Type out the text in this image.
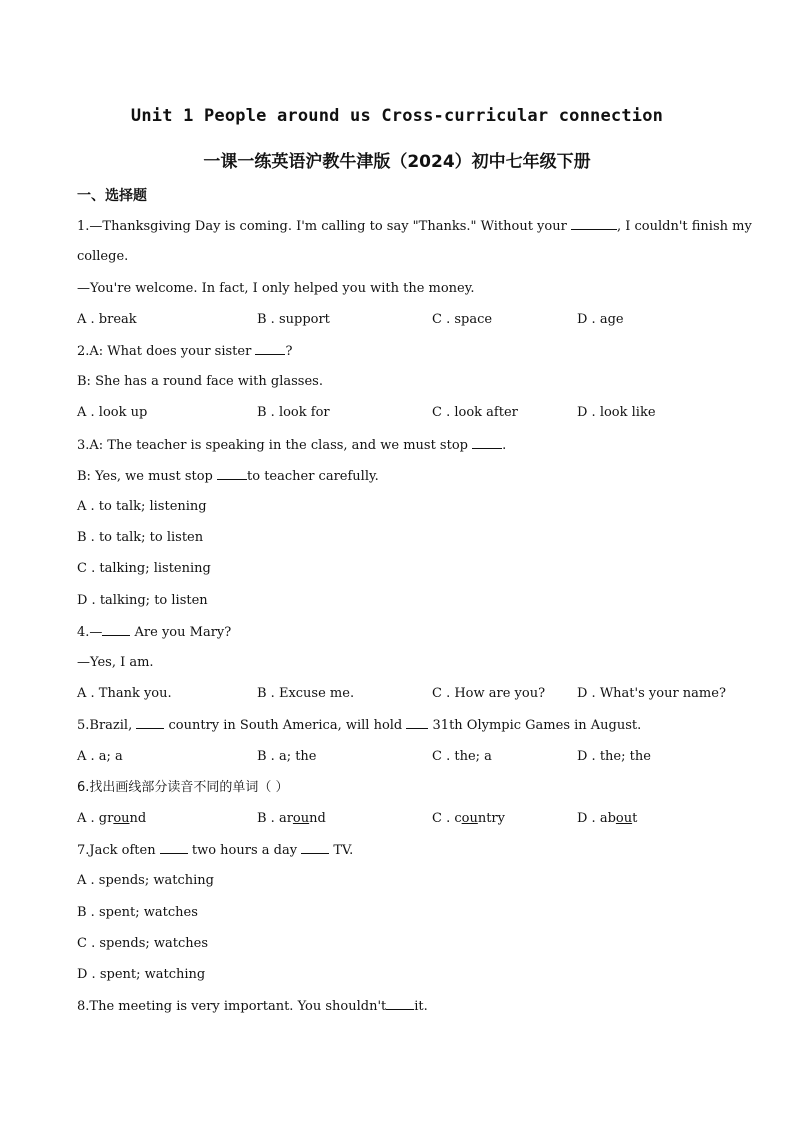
Unit 1 People around us Cross-curricular connection
一课一练英语沪教牛津版（2024）初中七年级下册
一、选择题
1.—Thanksgiving Day is coming. I'm calling to say "Thanks." Without your	, I couldn't finish my
college.
—You're welcome. In fact, I only helped you with the money.
A . break	B . support	C . space	D . age
2.A: What does your sister ?
B: She has a round face with glasses.
A . look up	B . look for	C . look after	D . look like
3.A: The teacher is speaking in the class, and we must stop .
B: Yes, we must stop to teacher carefully.
A . to talk; listening
B . to talk; to listen
C . talking; listening
D . talking; to listen
4.— Are you Mary?
—Yes, I am.
A . Thank you.	B . Excuse me.	C . How are you? D . What's your name?
5.Brazil,  country in South America, will hold  31th Olympic Games in August.
A . a; a	B . a; the	C . the; a	D . the; the
6.找出画线部分读音不同的单词（ ）
A . ground	B . around	C . country	D . about
7.Jack often  two hours a day  TV.
A . spends; watching
B . spent; watches
C . spends; watches
D . spent; watching
8.The meeting is very important. You shouldn't it.
